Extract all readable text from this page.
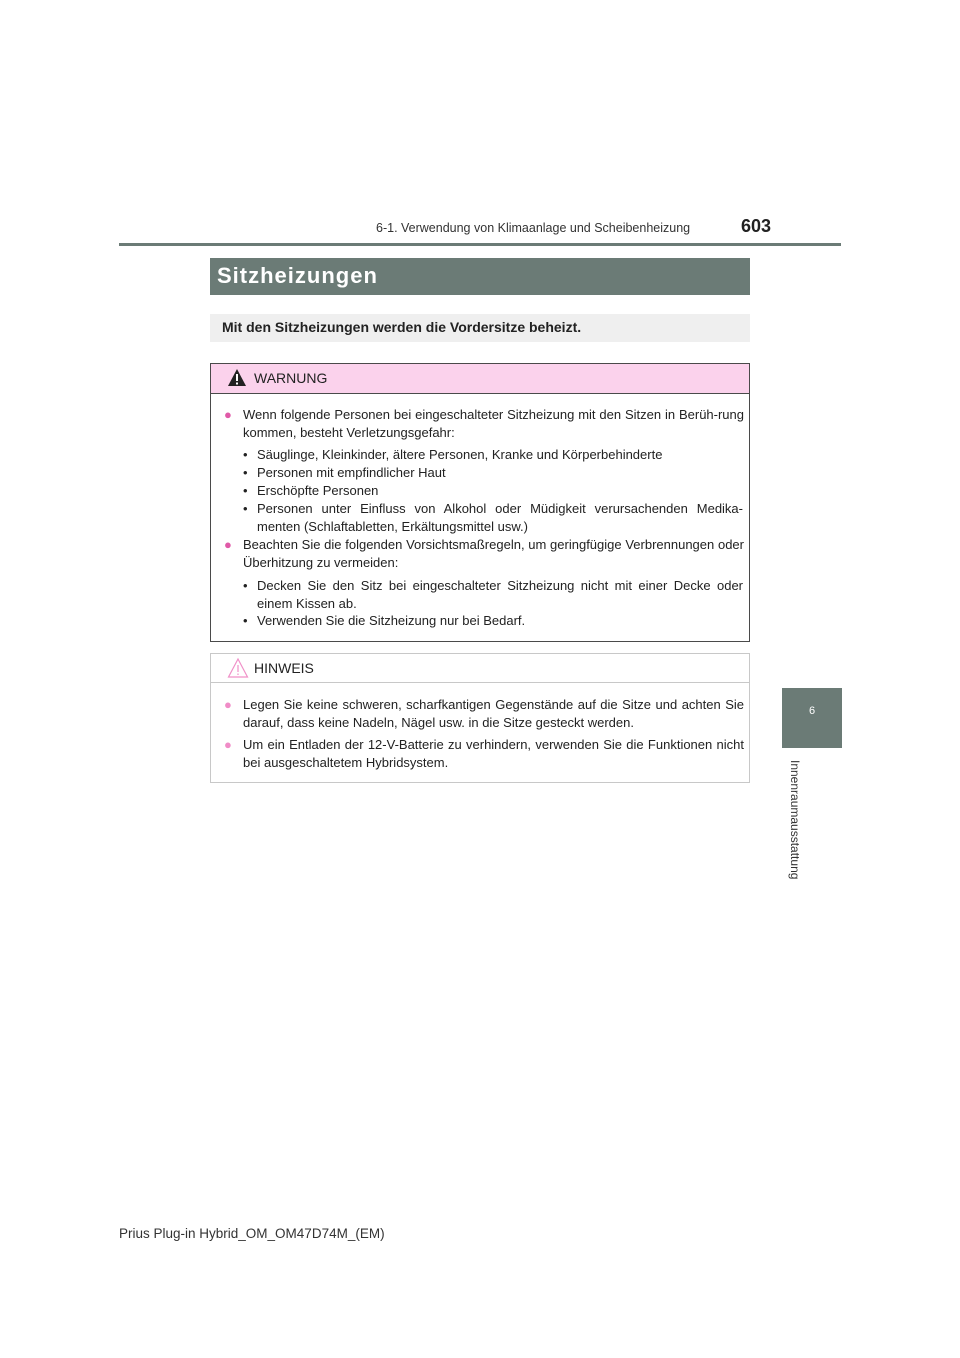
6-1. Verwendung von Klimaanlage und Scheibenheizung	603
6
Innenraumausstattung
Sitzheizungen
Mit den Sitzheizungen werden die Vordersitze beheizt.
WARNUNG
● Wenn folgende Personen bei eingeschalteter Sitzheizung mit den Sitzen in Berüh-rung kommen, besteht Verletzungsgefahr:
• Säuglinge, Kleinkinder, ältere Personen, Kranke und Körperbehinderte
• Personen mit empfindlicher Haut
• Erschöpfte Personen
• Personen unter Einfluss von Alkohol oder Müdigkeit verursachenden Medika-menten (Schlaftabletten, Erkältungsmittel usw.)
● Beachten Sie die folgenden Vorsichtsmaßregeln, um geringfügige Verbrennungen oder Überhitzung zu vermeiden:
• Decken Sie den Sitz bei eingeschalteter Sitzheizung nicht mit einer Decke oder einem Kissen ab.
• Verwenden Sie die Sitzheizung nur bei Bedarf.
HINWEIS
● Legen Sie keine schweren, scharfkantigen Gegenstände auf die Sitze und achten Sie darauf, dass keine Nadeln, Nägel usw. in die Sitze gesteckt werden.
● Um ein Entladen der 12-V-Batterie zu verhindern, verwenden Sie die Funktionen nicht bei ausgeschaltetem Hybridsystem.
Prius Plug-in Hybrid_OM_OM47D74M_(EM)
